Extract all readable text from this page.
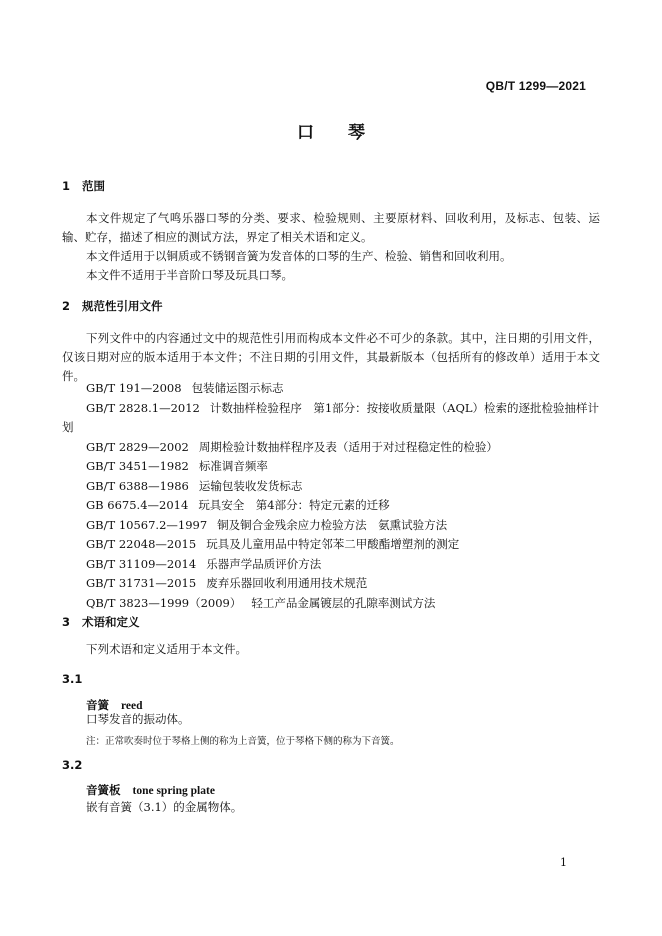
QB/T 1299—2021
口 琴
1 范围
本文件规定了气鸣乐器口琴的分类、要求、检验规则、主要原材料、回收利用，及标志、包装、运输、贮存，描述了相应的测试方法，界定了相关术语和定义。
本文件适用于以铜质或不锈钢音簧为发音体的口琴的生产、检验、销售和回收利用。
本文件不适用于半音阶口琴及玩具口琴。
2 规范性引用文件
下列文件中的内容通过文中的规范性引用而构成本文件必不可少的条款。其中，注日期的引用文件，仅该日期对应的版本适用于本文件；不注日期的引用文件，其最新版本（包括所有的修改单）适用于本文件。
GB/T 191—2008 包装储运图示标志
GB/T 2828.1—2012 计数抽样检验程序　第1部分：按接收质量限（AQL）检索的逐批检验抽样计划
GB/T 2829—2002 周期检验计数抽样程序及表（适用于对过程稳定性的检验）
GB/T 3451—1982 标准调音频率
GB/T 6388—1986 运输包装收发货标志
GB 6675.4—2014 玩具安全　第4部分：特定元素的迁移
GB/T 10567.2—1997 铜及铜合金残余应力检验方法　氨熏试验方法
GB/T 22048—2015 玩具及儿童用品中特定邻苯二甲酸酯增塑剂的测定
GB/T 31109—2014 乐器声学品质评价方法
GB/T 31731—2015 废弃乐器回收利用通用技术规范
QB/T 3823—1999（2009） 轻工产品金属镀层的孔隙率测试方法
3 术语和定义
下列术语和定义适用于本文件。
3.1
音簧 reed
口琴发音的振动体。
注：正常吹奏时位于琴格上侧的称为上音簧，位于琴格下侧的称为下音簧。
3.2
音簧板 tone spring plate
嵌有音簧（3.1）的金属物体。
1
